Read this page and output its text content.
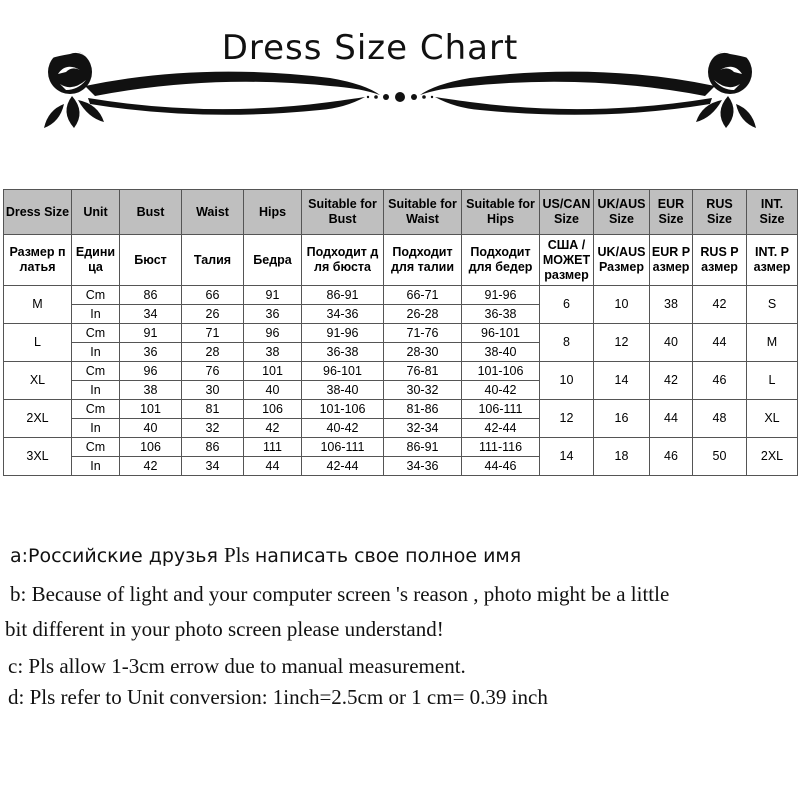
Dress Size Chart
Dress Size	Unit	Bust	Waist	Hips	Suitable for Bust	Suitable for Waist	Suitable for Hips	US/CAN Size	UK/AUS Size	EUR Size	RUS Size	INT. Size
Размер п латья	Едини ца	Бюст	Талия	Бедра	Подходит д ля бюста	Подходит для талии	Подходит для бедер	США / МОЖЕТ размер	UK/AUS Размер	EUR P азмер	RUS P азмер	INT. P азмер
M	Cm	86	66	91	86-91	66-71	91-96	6	10	38	42	S
	In	34	26	36	34-36	26-28	36-38					
L	Cm	91	71	96	91-96	71-76	96-101	8	12	40	44	M
	In	36	28	38	36-38	28-30	38-40					
XL	Cm	96	76	101	96-101	76-81	101-106	10	14	42	46	L
	In	38	30	40	38-40	30-32	40-42					
2XL	Cm	101	81	106	101-106	81-86	106-111	12	16	44	48	XL
	In	40	32	42	40-42	32-34	42-44					
3XL	Cm	106	86	111	106-111	86-91	111-116	14	18	46	50	2XL
	In	42	34	44	42-44	34-36	44-46					
a:Российские друзья Pls написать свое полное имя
b: Because of light and your computer screen 's reason , photo might be a little
bit different in your photo screen please understand!
c: Pls allow 1-3cm errow due to manual measurement.
d: Pls refer to Unit conversion: 1inch=2.5cm or 1 cm= 0.39 inch
